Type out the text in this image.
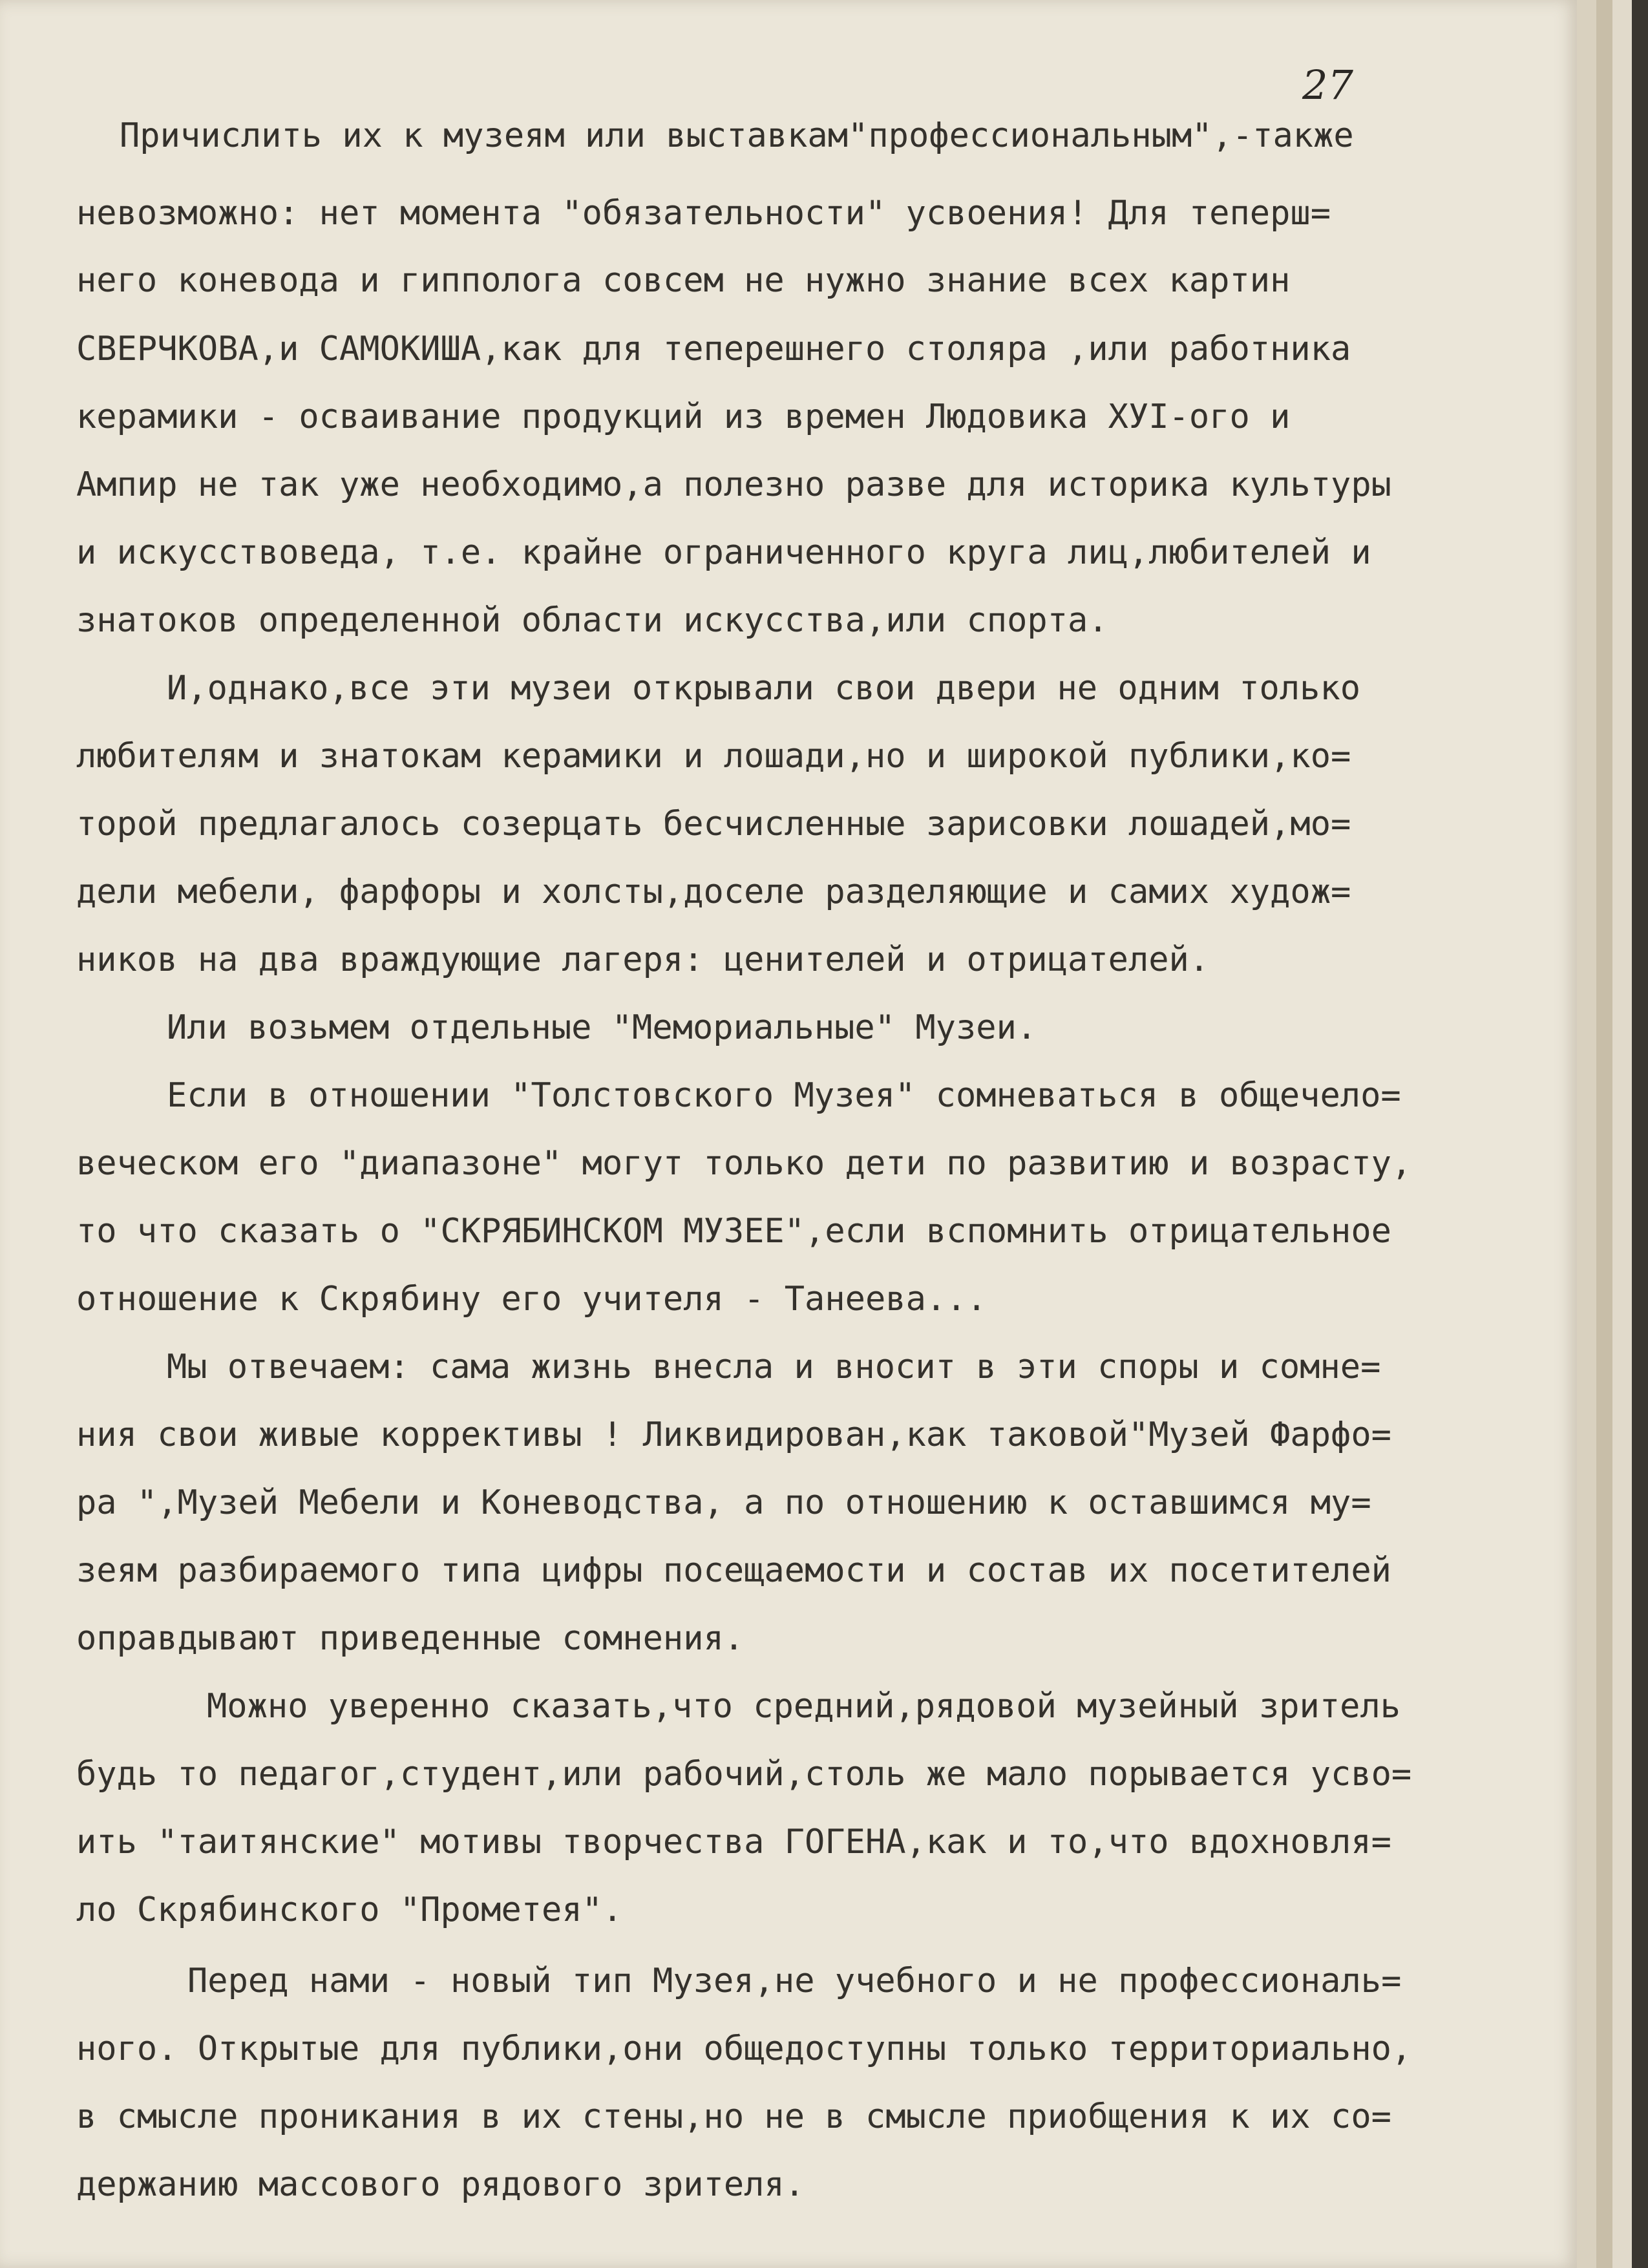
27

Причислить их к музеям или выставкам"профессиональным",-также

невозможно: нет момента "обязательности" усвоения! Для теперш=

него коневода и гиппологa совсем не нужно знание всех картин

СВЕРЧКОВА,и САМОКИША,как для теперешнего столяра ,или работника

керамики - осваивание продукций из времен Людовика ХУI-ого и

Ампир не так уже необходимо,а полезно разве для историка культуры

и искусствоведа, т.е. крайне ограниченного круга лиц,любителей и

знатоков определенной области искусства,или спорта.

И,однако,все эти музеи открывали свои двери не одним только

любителям и знатокам керамики и лошади,но и широкой публики,ко=

торой предлагалось созерцать бесчисленные зарисовки лошадей,мо=

дели мебели, фарфоры и холсты,доселе разделяющие и самих худож=

ников на два враждующие лагеря: ценителей и отрицателей.

Или возьмем отдельные "Мемориальные" Музеи.

Если в отношении "Толстовского Музея" сомневаться в общечело=

веческом его "диапазоне" могут только дети по развитию и возрасту,

то что сказать о "СКРЯБИНСКОМ МУЗЕЕ",если вспомнить отрицательное

отношение к Скрябину его учителя - Танеева...

Мы отвечаем: сама жизнь внесла и вносит в эти споры и сомне=

ния свои живые коррективы ! Ликвидирован,как таковой"Музей Фарфо=

ра ",Музей Мебели и Коневодства, а по отношению к оставшимся му=

зеям разбираемого типа цифры посещаемости и состав их посетителей

оправдывают приведенные сомнения.

Можно уверенно сказать,что средний,рядовой музейный зритель

будь то педагог,студент,или рабочий,столь же мало порывается усво=

ить "таитянские" мотивы творчества ГОГЕНА,как и то,что вдохновля=

ло Скрябинского "Прометея".

Перед нами - новый тип Музея,не учебного и не профессиональ=

ного. Открытые для публики,они общедоступны только территориально,

в смысле проникания в их стены,но не в смысле приобщения к их со=

держанию массового рядового зрителя.
